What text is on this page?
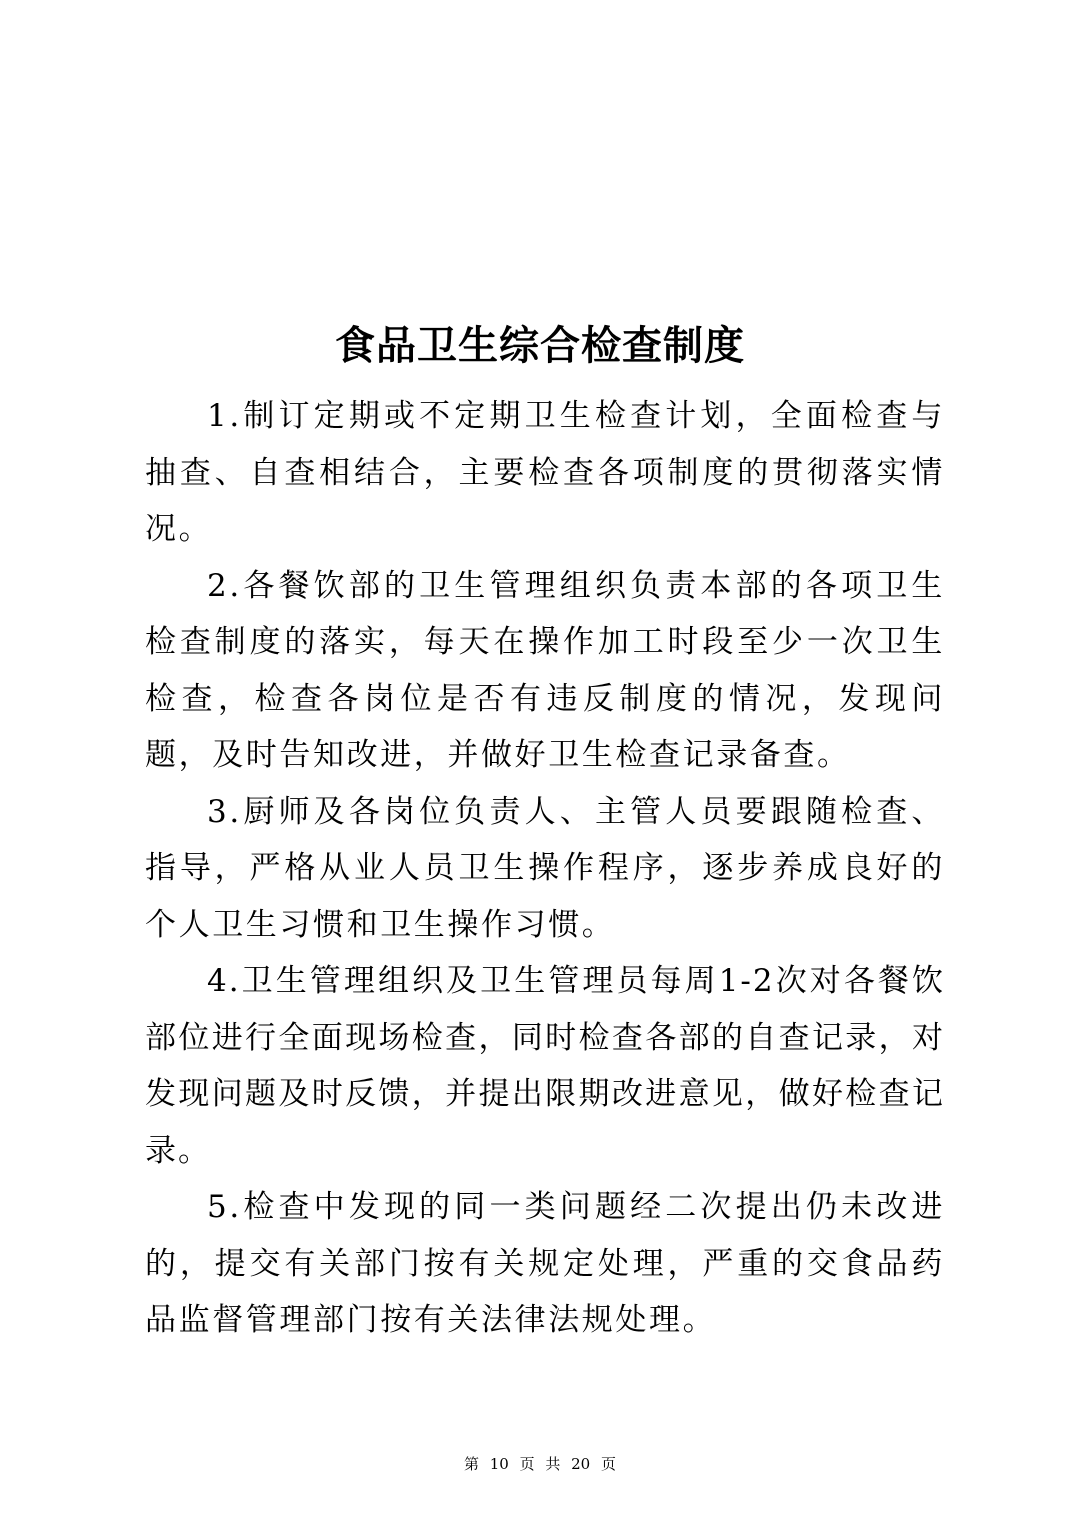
食品卫生综合检查制度

1.制订定期或不定期卫生检查计划，全面检查与抽查、自查相结合，主要检查各项制度的贯彻落实情况。

2.各餐饮部的卫生管理组织负责本部的各项卫生检查制度的落实，每天在操作加工时段至少一次卫生检查，检查各岗位是否有违反制度的情况，发现问题，及时告知改进，并做好卫生检查记录备查。

3.厨师及各岗位负责人、主管人员要跟随检查、指导，严格从业人员卫生操作程序，逐步养成良好的个人卫生习惯和卫生操作习惯。

4.卫生管理组织及卫生管理员每周1-2次对各餐饮部位进行全面现场检查，同时检查各部的自查记录，对发现问题及时反馈，并提出限期改进意见，做好检查记录。

5.检查中发现的同一类问题经二次提出仍未改进的，提交有关部门按有关规定处理，严重的交食品药品监督管理部门按有关法律法规处理。

第 10 页 共 20 页
